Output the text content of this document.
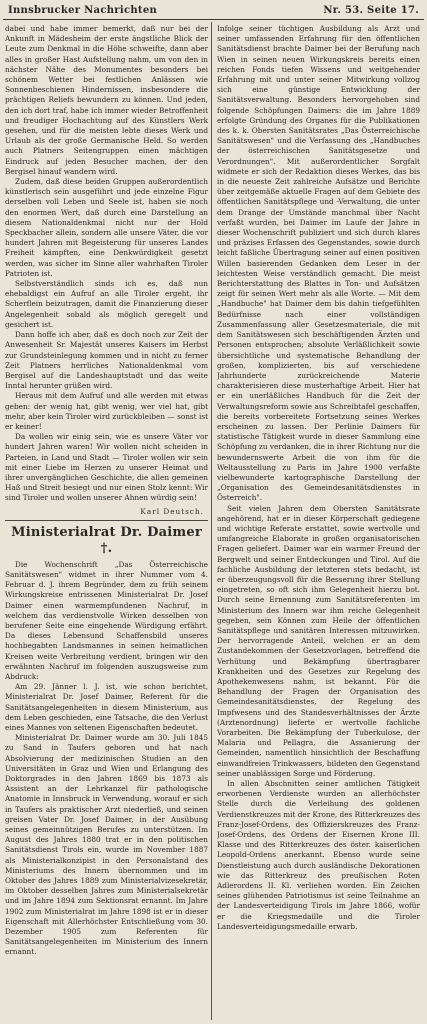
Innsbrucker Nachrichten	Nr. 53. Seite 17.

dabei und habe immer bemerkt, daß nur bei der Ankunft in Mädesheim der erste ängstliche Blick der Leute zum Denkmal in die Höhe schweifte, dann aber alles in großer Hast Aufstellung nahm, um von den in nächster Nähe des Monumentes besonders bei schönem Wetter bei festlichen Anlässen wie Sonnenbeschienen Hindernissen, insbesondere die prächtigen Reliefs bewundern zu können. Und jeden, den ich dort traf, habe ich immer wieder Betroffenheit und freudiger Hochachtung auf des Künstlers Werk gesehen, und für die meisten lebte dieses Werk und Urlaub als der große Germanische Held. So werden auch Platners Seitengruppen einen mächtigen Eindruck auf jeden Besucher machen, der den Bergisel hinauf wandern wird.

Zudem, daß diese beiden Gruppen außerordentlich künstlerisch sein ausgeführt und jede einzelne Figur derselben voll Leben und Seele ist, haben sie noch den enormen Wert, daß durch eine Darstellung an diesem Nationaldenkmal nicht nur der Hold Speckbacher allein, sondern alle unsere Väter, die vor hundert Jahren mit Begeisterung für unseres Landes Freiheit kämpften, eine Denkwürdigkeit gesetzt werden, was sicher im Sinne aller wahrhaften Tiroler Patrioten ist.

Selbstverständlich sinds ich es, daß nun ehebaldigst ein Aufruf an alle Tiroler ergeht, ihr Scherflein beizutragen, damit die Finanzierung dieser Angelegenheit sobald als möglich geregelt und gesichert ist.

Dann hoffe ich aber, daß es doch noch zur Zeit der Anwesenheit Sr. Majestät unseres Kaisers im Herbst zur Grundsteinlegung kommen und in nicht zu ferner Zeit Platners herrliches Nationaldenkmal vom Bergisel auf die Landeshauptstadt und das weite Inntal herunter grüßen wird.

Heraus mit dem Aufruf und alle werden mit etwas geben: der wenig hat, gibt wenig, wer viel hat, gibt mehr, aber kein Tiroler wird zurückbleiben — sonst ist er keiner!

Da wollen wir einig sein, wie es unsere Väter vor hundert Jahren waren! Wir wollen nicht scheiden in Parteien, in Land und Stadt — Tiroler wollen wir sein mit einer Liebe im Herzen zu unserer Heimat und ihrer unvergänglichen Geschichte, die allen gemeinen Haß und Streit besiegt und nur einen Stolz kennt: Wir sind Tiroler und wollen unserer Ahnen würdig sein!

Karl Deutsch.

Ministerialrat Dr. Daimer †.

Die Wochenschrift „Das Österreichische Sanitätswesen" widmet in ihrer Nummer vom 4. Februar d. J. ihrem Begründer, dem zu früh seinem Wirkungskreise entrissenen Ministerialrat Dr. Josef Daimer einen warmempfundenen Nachruf, in welchem das verdienstvolle Wirken desselben von berufener Seite eine eingehende Würdigung erfährt. Da dieses Lebensund Schaffensbild unseres hochbegabten Landsmannes in seinen heimatlichen Kreisen weite Verbreitung verdient, bringen wir den erwähnten Nachruf im folgenden auszugsweise zum Abdruck:

Am 29. Jänner l. J. ist, wie schon berichtet, Ministerialrat Dr. Josef Daimer, Referent für die Sanitätsangelegenheiten in diesem Ministerium, aus dem Leben geschieden, eine Tatsache, die den Verlust eines Mannes von seltenen Eigenschaften bedeutet.

Ministerialrat Dr. Daimer wurde am 30. Juli 1845 zu Sand in Taufers geboren und hat nach Absolvierung der medizinischen Studien an den Universitäten in Graz und Wien und Erlangung des Doktorgrades in den Jahren 1869 bis 1873 als Assistent an der Lehrkanzel für pathologische Anatomie in Innsbruck in Verwendung, worauf er sich in Taufers als praktischer Arzt niederließ, und seinen greisen Vater Dr. Josef Daimer, in der Ausübung seines gemeinnützigen Berufes zu unterstützen. Im August des Jahres 1880 trat er in den politischen Sanitätsdienst Tirols ein, wurde im November 1887 als Ministerialkonzipist in den Personalstand des Ministeriums des Innern übernommen und im Oktober des Jahres 1889 zum Ministerialvizesekretär, im Oktober desselben Jahres zum Ministerialsekretär und im Jahre 1894 zum Sektionsrat ernannt. Im Jahre 1902 zum Ministerialrat im Jahre 1898 ist er in dieser Eigenschaft mit Allerhöchster Entschließung vom 30. Dezember 1905 zum Referenten für Sanitätsangelegenheiten im Ministerium des Innern ernannt.

Infolge seiner tüchtigen Ausbildung als Arzt und seiner umfassenden Erfahrung für den öffentlichen Sanitätsdienst brachte Daimer bei der Berufung nach Wien in seinen neuen Wirkungskreis bereits einen reichen Fonds tiefen Wissens und weitgehender Erfahrung mit und unter seiner Mitwirkung vollzog sich eine günstige Entwicklung der Sanitätsverwaltung. Besonders hervorgehoben sind folgende Schöpfungen Daimers: die im Jahre 1889 erfolgte Gründung des Organes für die Publikationen des k. k. Obersten Sanitätsrates „Das Österreichische Sanitätswesen" und die Verfassung des „Handbuches der österreichischen Sanitätsgesetze und Verordnungen". Mit außerordentlicher Sorgfalt widmete er sich der Redaktion dieses Werkes, das bis in die neueste Zeit zahlreiche Aufsätze und Berichte über zeitgemäße aktuelle Fragen auf dem Gebiete des öffentlichen Sanitätspflege und -Verwaltung, die unter dem Drange der Umstände manchmal über Nacht verfaßt wurden, bei Daimer im Laufe der Jahre in dieser Wochenschrift publiziert und sich durch klares und präzises Erfassen des Gegenstandes, sowie durch leicht faßliche Übertragung seiner auf einen positiven Willen basierenden Gedanken dem Leser in der leichtesten Weise verständlich gemacht. Die meist Berichterstattung des Blattes in Ton- und Aufsätzen zeigt für seinen Wert mehr als alle Worte. — Mit dem „Handbuche" hat Daimer dem bis dahin tiefgefühlten Bedürfnisse nach einer vollständigen Zusammenfassung aller Gesetzesmateriale, die mit dem Sanitätswesen sich beschäftigenden Ärzten und Personen entsprochen; absolute Verläßlichkeit sowie übersichtliche und systematische Behandlung der großen, komplizierten, bis auf verschiedene Jahrhunderte zurückreichende Materie charakterisieren diese musterhaftige Arbeit. Hier hat er ein unerläßliches Handbuch für die Zeit der Verwaltungsreform sowie aus Schreibtafel geschaffen, die bereits vorbereitete Fortsetzung seines Werkes erscheinen zu lassen. Der Perlinie Daimers für statistische Tätigkeit wurde in dieser Sammlung eine Schöpfung zu verdanken, die in ihrer Richtung nur die bewundernswerte Arbeit die von ihm für die Weltausstellung zu Paris im Jahre 1900 verfaßte vielbewunderte kartographische Darstellung der „Organisation des Gemeindesanitätsdienstes in Österreich".

Seit vielen Jahren dem Obersten Sanitätsrate angehörend, hat er in dieser Körperschaft gediegene und wichtige Referate erstattet, sowie wertvolle und umfangreiche Elaborate in großen organisatorischen Fragen geliefert. Daimer war ein warmer Freund der Bergwelt und seiner Entdeckungen und Tirol. Auf die fachliche Ausbildung der letzteren stets bedacht, ist er überzeugungsvoll für die Besserung ihrer Stellung eingetreten, so oft sich ihm Gelegenheit hierzu bot. Durch seine Ernennung zum Sanitätsreferenten im Ministerium des Innern war ihm reiche Gelegenheit gegeben, sein Können zum Heile der öffentlichen Sanitätspflege und sanitären Interessen mitzuwirken. Der hervorragende Anteil, welchen er an dem Zustandekommen der Gesetzvorlagen, betreffend die Verhütung und Bekämpfung übertragbarer Krankheiten und des Gesetzes zur Regelung des Apothekenwesens nahm, ist bekannt. Für die Behandlung der Fragen der Organisation des Gemeindesanitätsdienstes, der Regelung des Impfwesens und des Standesverhältnisses der Ärzte (Arztenordnung) lieferte er wertvolle fachliche Vorarbeiten. Die Bekämpfung der Tuberkulose, der Malaria und Pellagra, die Assanierung der Gemeinden, namentlich hinsichtlich der Beschaffung einwandfreien Trinkwassers, bildeten den Gegenstand seiner unablässigen Sorge und Förderung.

In allen Abschnitten seiner amtlichen Tätigkeit erworbenen Verdienste wurden an allerhöchster Stelle durch die Verleihung des goldenen Verdienstkreuzes mit der Krone, des Ritterkreuzes des Franz-Josef-Ordens, des Offizierskreuzes des Franz-Josef-Ordens, des Ordens der Eisernen Krone III. Klasse und des Ritterkreuzes des öster. kaiserlichen Leopold-Ordens anerkannt. Ebenso wurde seine Dienstleistung auch durch ausländische Dekorationen wie das Ritterkreuz des preußischen Roten Adlerordens II. Kl. verliehen worden. Ein Zeichen seines glühenden Patriotismus ist seine Teilnahme an der Landesverteidigung Tirols im Jahre 1866, wofür er die Kriegsmedaille und die Tiroler Landesverteidigungsmedaille erwarb.
